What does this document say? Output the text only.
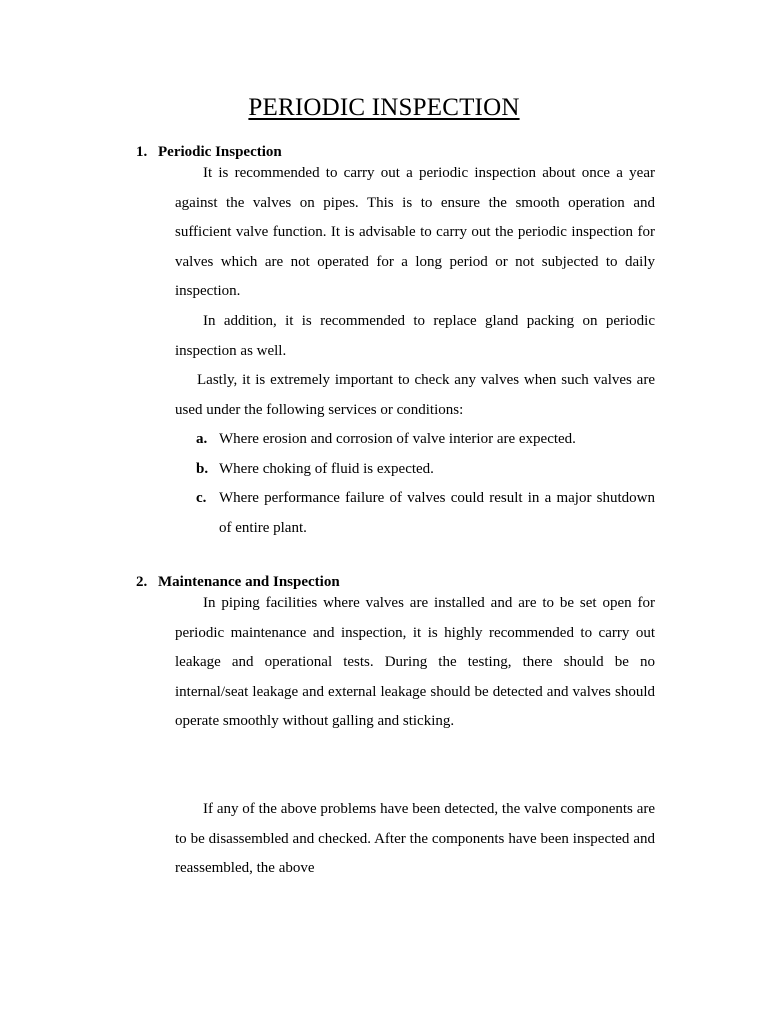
PERIODIC INSPECTION
1. Periodic Inspection

It is recommended to carry out a periodic inspection about once a year against the valves on pipes. This is to ensure the smooth operation and sufficient valve function. It is advisable to carry out the periodic inspection for valves which are not operated for a long period or not subjected to daily inspection.

In addition, it is recommended to replace gland packing on periodic inspection as well.

Lastly, it is extremely important to check any valves when such valves are used under the following services or conditions:

a. Where erosion and corrosion of valve interior are expected.
b. Where choking of fluid is expected.
c. Where performance failure of valves could result in a major shutdown of entire plant.
2. Maintenance and Inspection

In piping facilities where valves are installed and are to be set open for periodic maintenance and inspection, it is highly recommended to carry out leakage and operational tests. During the testing, there should be no internal/seat leakage and external leakage should be detected and valves should operate smoothly without galling and sticking.

If any of the above problems have been detected, the valve components are to be disassembled and checked. After the components have been inspected and reassembled, the above
